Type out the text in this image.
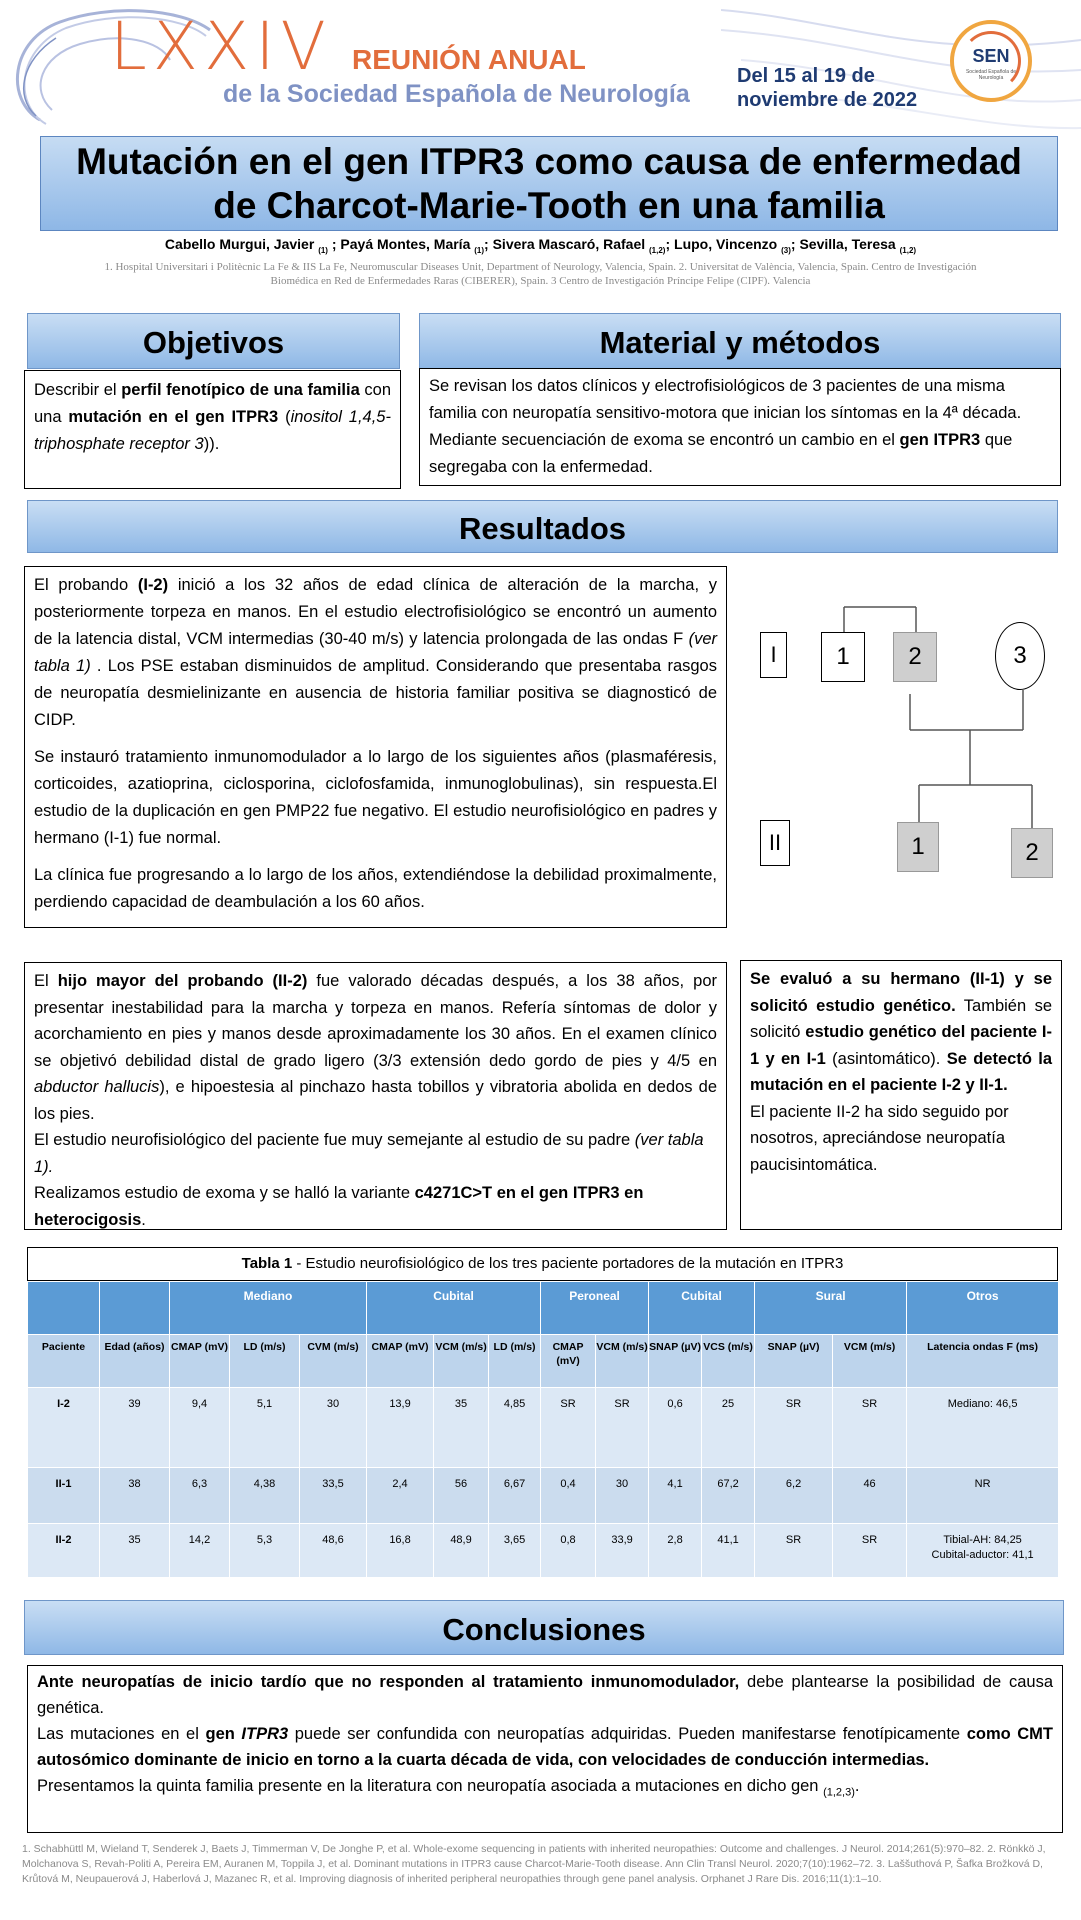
LXXIV REUNIÓN ANUAL
de la Sociedad Española de Neurología
Del 15 al 19 de
noviembre de 2022
SEN
Sociedad Española de Neurología
Mutación en el gen ITPR3 como causa de enfermedad
de Charcot-Marie-Tooth en una familia
Cabello Murgui, Javier $_{(1)}$ ; Payá Montes, María $_{(1)}$; Sivera Mascaró, Rafael $_{(1,2)}$; Lupo, Vincenzo $_{(3)}$; Sevilla, Teresa $_{(1,2)}$
1. Hospital Universitari i Politècnic La Fe & IIS La Fe, Neuromuscular Diseases Unit, Department of Neurology, Valencia, Spain. 2. Universitat de València, Valencia, Spain. Centro de Investigación
Biomédica en Red de Enfermedades Raras (CIBERER), Spain. 3 Centro de Investigación Príncipe Felipe (CIPF). Valencia
Objetivos
Describir el perfil fenotípico de una familia con una mutación en el gen ITPR3 (inositol 1,4,5-triphosphate receptor 3)).
Material y métodos
Se revisan los datos clínicos y electrofisiológicos de 3 pacientes de una misma familia con neuropatía sensitivo-motora que inician los síntomas en la 4ª década. Mediante secuenciación de exoma se encontró un cambio en el gen ITPR3 que segregaba con la enfermedad.
Resultados

El probando (I-2) inició a los 32 años de edad clínica de alteración de la marcha, y posteriormente torpeza en manos. En el estudio electrofisiológico se encontró un aumento de la latencia distal, VCM intermedias (30-40 m/s) y latencia prolongada de las ondas F (ver tabla 1) . Los PSE estaban disminuidos de amplitud. Considerando que presentaba rasgos de neuropatía desmielinizante en ausencia de historia familiar positiva se diagnosticó de CIDP.

Se instauró tratamiento inmunomodulador a lo largo de los siguientes años (plasmaféresis, corticoides, azatioprina, ciclosporina, ciclofosfamida, inmunoglobulinas), sin respuesta.El estudio de la duplicación en gen PMP22 fue negativo. El estudio neurofisiológico en padres y hermano (I-1) fue normal.

La clínica fue progresando a lo largo de los años, extendiéndose la debilidad proximalmente, perdiendo capacidad de deambulación a los 60 años.

I
II
1	2	3
1	2

El hijo mayor del probando (II-2) fue valorado décadas después, a los 38 años, por presentar inestabilidad para la marcha y torpeza en manos. Refería síntomas de dolor y acorchamiento en pies y manos desde aproximadamente los 30 años. En el examen clínico se objetivó debilidad distal de grado ligero (3/3 extensión dedo gordo de pies y 4/5 en abductor hallucis), e hipoestesia al pinchazo hasta tobillos y vibratoria abolida en dedos de los pies.

El estudio neurofisiológico del paciente fue muy semejante al estudio de su padre (ver tabla 1).

Realizamos estudio de exoma y se halló la variante c4271C>T en el gen ITPR3 en heterocigosis.

Se evaluó a su hermano (II-1) y se solicitó estudio genético. También se solicitó estudio genético del paciente I-1 y en I-1 (asintomático). Se detectó la mutación en el paciente I-2 y II-1.

El paciente II-2 ha sido seguido por nosotros, apreciándose neuropatía paucisintomática.

Tabla 1 - Estudio neurofisiológico de los tres paciente portadores de la mutación en ITPR3
		Mediano			Cubital			Peroneal		Cubital		Sural		Otros
Paciente	Edad (años)	CMAP (mV)	LD (m/s)	CVM (m/s)	CMAP (mV)	VCM (m/s)	LD (m/s)	CMAP (mV)	VCM (m/s)	SNAP (µV)	VCS (m/s)	SNAP (µV)	VCM (m/s)	Latencia ondas F (ms)
I-2	39	9,4	5,1	30	13,9	35	4,85	SR	SR	0,6	25	SR	SR	Mediano: 46,5
II-1	38	6,3	4,38	33,5	2,4	56	6,67	0,4	30	4,1	67,2	6,2	46	NR
II-2	35	14,2	5,3	48,6	16,8	48,9	3,65	0,8	33,9	2,8	41,1	SR	SR	Tibial-AH: 84,25
Cubital-aductor: 41,1
Conclusiones

Ante neuropatías de inicio tardío que no responden al tratamiento inmunomodulador, debe plantearse la posibilidad de causa genética.

Las mutaciones en el gen ITPR3 puede ser confundida con neuropatías adquiridas. Pueden manifestarse fenotípicamente como CMT autosómico dominante de inicio en torno a la cuarta década de vida, con velocidades de conducción intermedias.

Presentamos la quinta familia presente en la literatura con neuropatía asociada a mutaciones en dicho gen $_{(1,2,3)}$.

1. Schabhüttl M, Wieland T, Senderek J, Baets J, Timmerman V, De Jonghe P, et al. Whole-exome sequencing in patients with inherited neuropathies: Outcome and challenges. J Neurol. 2014;261(5):970–82. 2. Rönkkö J, Molchanova S, Revah-Politi A, Pereira EM, Auranen M, Toppila J, et al. Dominant mutations in ITPR3 cause Charcot-Marie-Tooth disease. Ann Clin Transl Neurol. 2020;7(10):1962–72. 3. Laššuthová P, Šafka Brožková D, Krůtová M, Neupauerová J, Haberlová J, Mazanec R, et al. Improving diagnosis of inherited peripheral neuropathies through gene panel analysis. Orphanet J Rare Dis. 2016;11(1):1–10.
